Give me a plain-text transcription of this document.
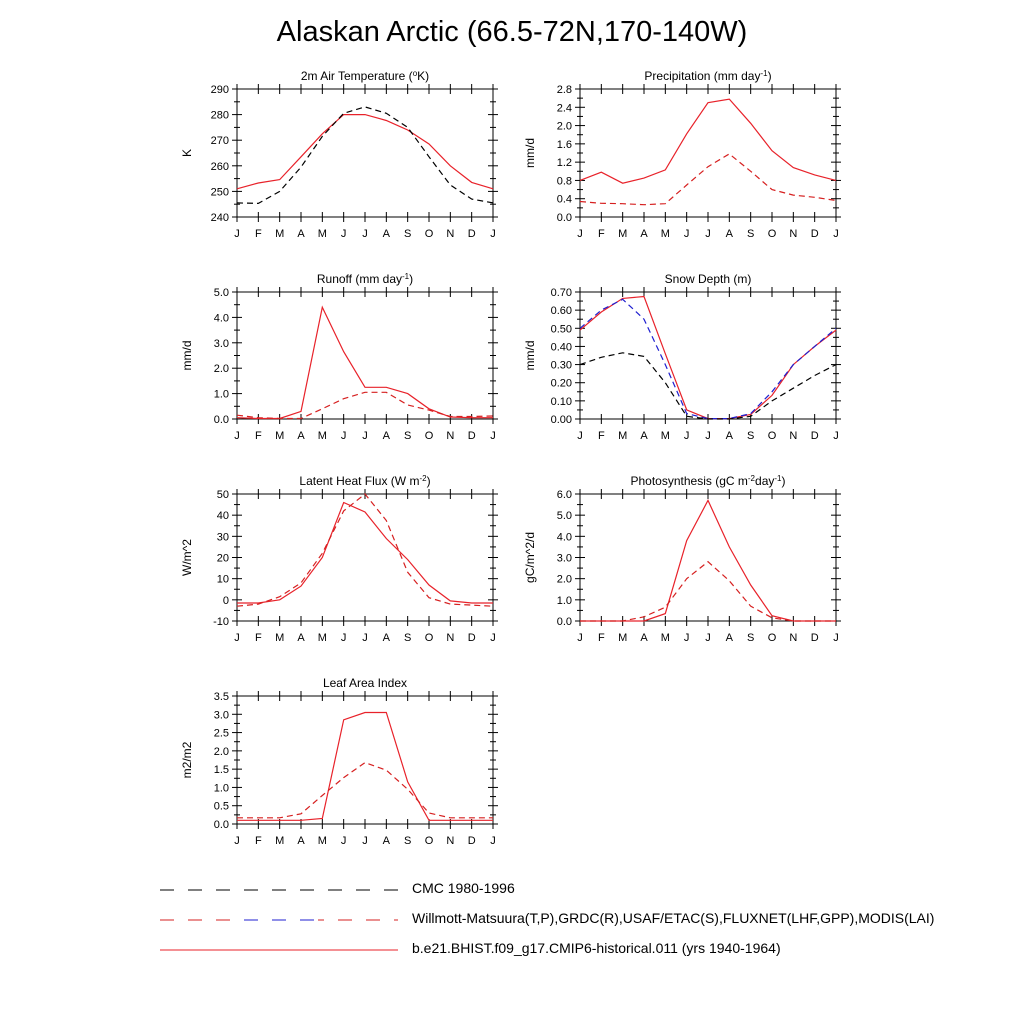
Alaskan Arctic (66.5-72N,170-140W)
2m Air Temperature ($^o$K)
J F M A M J J A S O N D J
240
250
260
270
280
290
K
Precipitation (mm day$^{-1}$)
J F M A M J J A S O N D J
0.0
0.4
0.8
1.2
1.6
2.0
2.4
2.8
mm/d
Runoff (mm day$^{-1}$)
J F M A M J J A S O N D J
0.0
1.0
2.0
3.0
4.0
5.0
mm/d
Snow Depth (m)
J F M A M J J A S O N D J
0.00
0.10
0.20
0.30
0.40
0.50
0.60
0.70
mm/d
Latent Heat Flux (W $m^{-2}$)
J F M A M J J A S O N D J
-10
0
10
20
30
40
50
W/m^2
Photosynthesis (gC $m^{-2}day^{-1}$)
J F M A M J J A S O N D J
0.0
1.0
2.0
3.0
4.0
5.0
6.0
gC/m^2/d
Leaf Area Index
J F M A M J J A S O N D J
0.0
0.5
1.0
1.5
2.0
2.5
3.0
3.5
m2/m2
CMC 1980-1996
Willmott-Matsuura(T,P),GRDC(R),USAF/ETAC(S),FLUXNET(LHF,GPP),MODIS(LAI)
b.e21.BHIST.f09_g17.CMIP6-historical.011 (yrs 1940-1964)
